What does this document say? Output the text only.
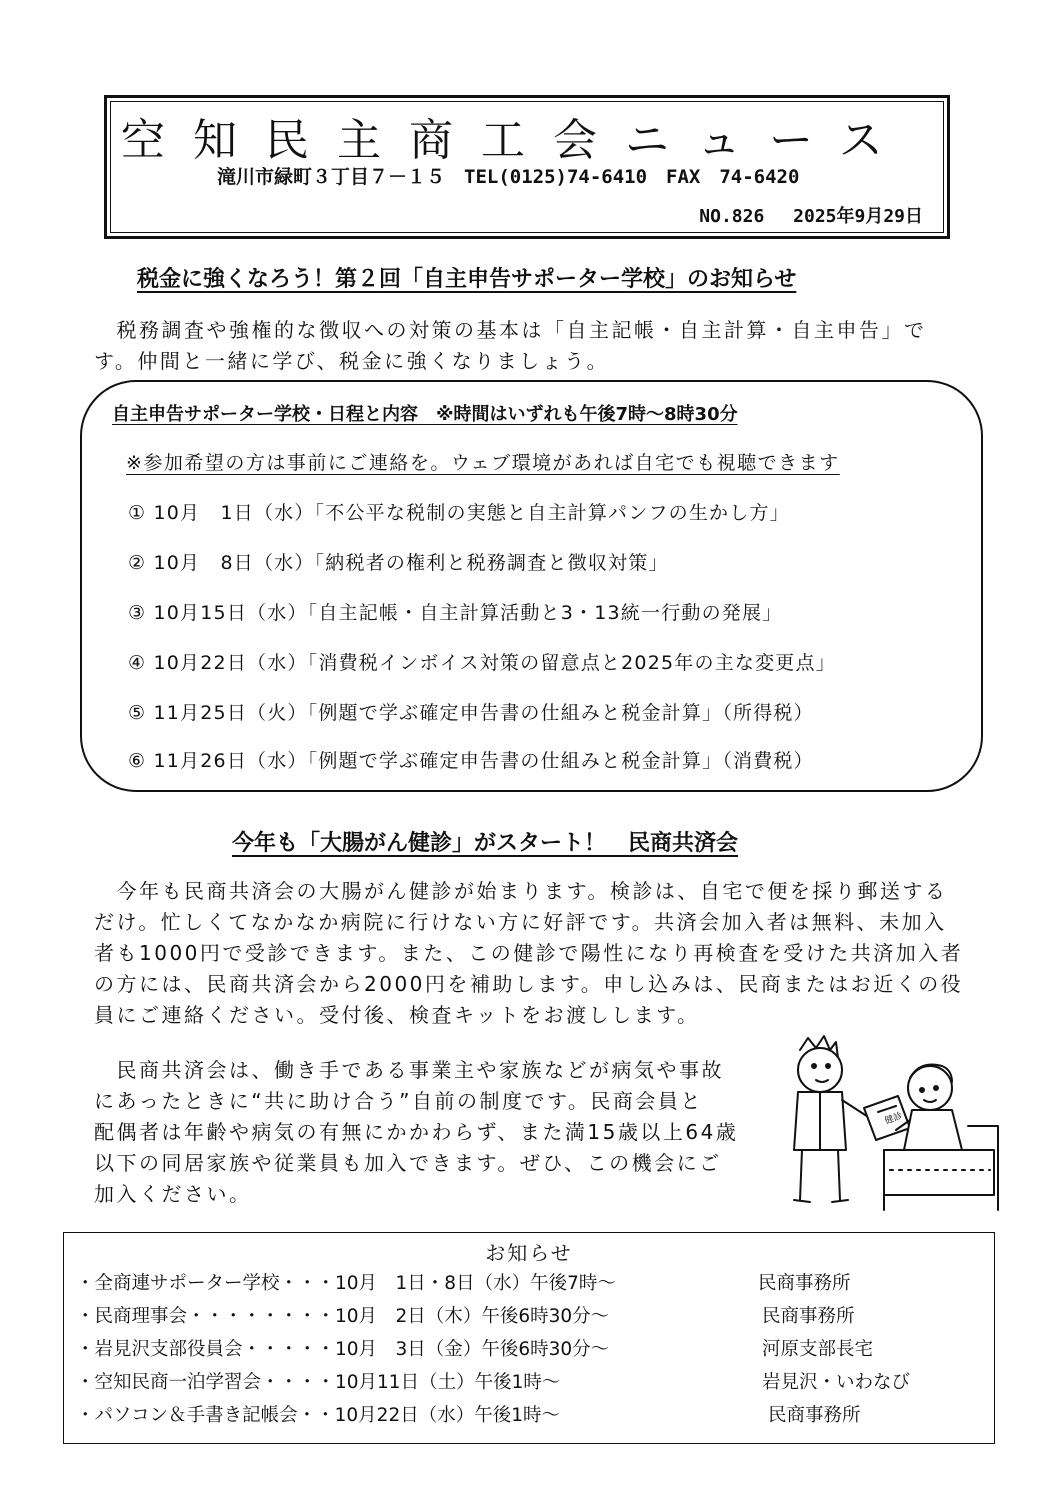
空知民主商工会ニュース
滝川市緑町３丁目７－１５　TEL(0125)74-6410　FAX　74-6420
NO.826　 2025年9月29日
税金に強くなろう！第２回「自主申告サポーター学校」のお知らせ
　税務調査や強権的な徴収への対策の基本は「自主記帳・自主計算・自主申告」で
す。仲間と一緒に学び、税金に強くなりましょう。
自主申告サポーター学校・日程と内容　※時間はいずれも午後7時～8時30分
※参加希望の方は事前にご連絡を。ウェブ環境があれば自宅でも視聴できます
① 10月　1日（水）「不公平な税制の実態と自主計算パンフの生かし方」
② 10月　8日（水）「納税者の権利と税務調査と徴収対策」
③ 10月15日（水）「自主記帳・自主計算活動と3・13統一行動の発展」
④ 10月22日（水）「消費税インボイス対策の留意点と2025年の主な変更点」
⑤ 11月25日（火）「例題で学ぶ確定申告書の仕組みと税金計算」（所得税）
⑥ 11月26日（水）「例題で学ぶ確定申告書の仕組みと税金計算」（消費税）
今年も「大腸がん健診」がスタート！　民商共済会
　今年も民商共済会の大腸がん健診が始まります。検診は、自宅で便を採り郵送する
だけ。忙しくてなかなか病院に行けない方に好評です。共済会加入者は無料、未加入
者も1000円で受診できます。また、この健診で陽性になり再検査を受けた共済加入者
の方には、民商共済会から2000円を補助します。申し込みは、民商またはお近くの役
員にご連絡ください。受付後、検査キットをお渡しします。
　民商共済会は、働き手である事業主や家族などが病気や事故
にあったときに“共に助け合う”自前の制度です。民商会員と
配偶者は年齢や病気の有無にかかわらず、また満15歳以上64歳
以下の同居家族や従業員も加入できます。ぜひ、この機会にご
加入ください。
健診
お知らせ
・全商連サポーター学校・・・10月　1日・8日（水）午後7時～	民商事務所
・民商理事会・・・・・・・・10月　2日（木）午後6時30分～	民商事務所
・岩見沢支部役員会・・・・・10月　3日（金）午後6時30分～	河原支部長宅
・空知民商一泊学習会・・・・10月11日（土）午後1時～	岩見沢・いわなび
・パソコン＆手書き記帳会・・10月22日（水）午後1時～	民商事務所
